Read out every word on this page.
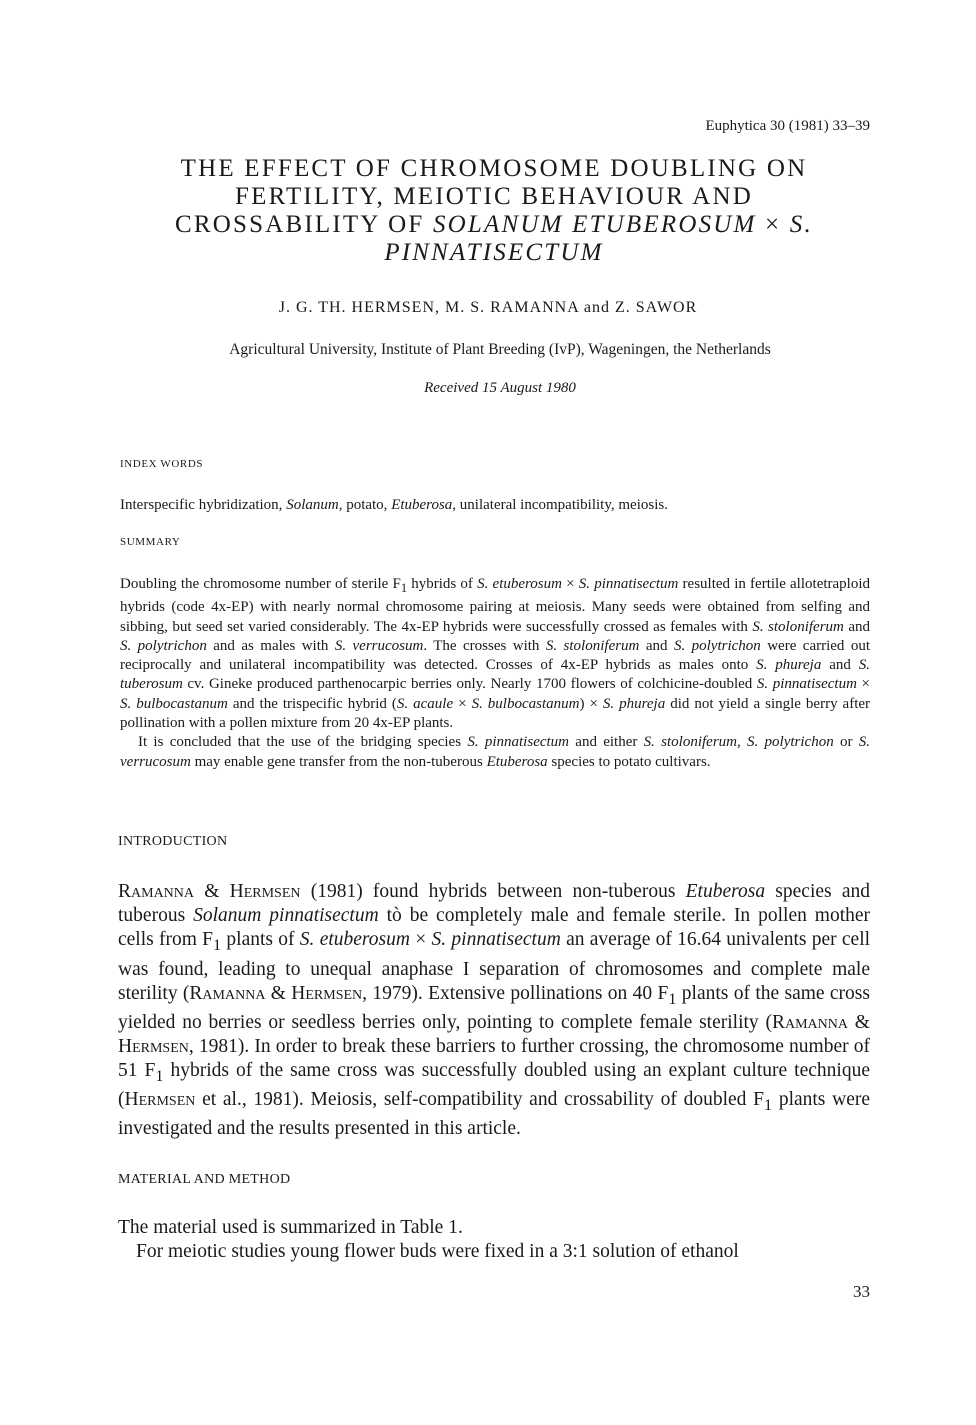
Euphytica 30 (1981) 33–39
THE EFFECT OF CHROMOSOME DOUBLING ON
FERTILITY, MEIOTIC BEHAVIOUR AND
CROSSABILITY OF SOLANUM ETUBEROSUM × S.
PINNATISECTUM
J. G. TH. HERMSEN, M. S. RAMANNA and Z. SAWOR
Agricultural University, Institute of Plant Breeding (IvP), Wageningen, the Netherlands
Received 15 August 1980
INDEX WORDS
Interspecific hybridization, Solanum, potato, Etuberosa, unilateral incompatibility, meiosis.
SUMMARY
Doubling the chromosome number of sterile $F_1$ hybrids of S. etuberosum × S. pinnatisectum resulted in fertile allotetraploid hybrids (code 4x-EP) with nearly normal chromosome pairing at meiosis. Many seeds were obtained from selfing and sibbing, but seed set varied considerably. The 4x-EP hybrids were successfully crossed as females with S. stoloniferum and S. polytrichon and as males with S. verrucosum. The crosses with S. stoloniferum and S. polytrichon were carried out reciprocally and unilateral incompatibility was detected. Crosses of 4x-EP hybrids as males onto S. phureja and S. tuberosum cv. Gineke produced parthenocarpic berries only. Nearly 1700 flowers of colchicine-doubled S. pinnatisectum × S. bulbocastanum and the trispecific hybrid (S. acaule × S. bulbocastanum) × S. phureja did not yield a single berry after pollination with a pollen mixture from 20 4x-EP plants.
It is concluded that the use of the bridging species S. pinnatisectum and either S. stoloniferum, S. polytrichon or S. verrucosum may enable gene transfer from the non-tuberous Etuberosa species to potato cultivars.
INTRODUCTION
Ramanna & Hermsen (1981) found hybrids between non-tuberous Etuberosa species and tuberous Solanum pinnatisectum tò be completely male and female sterile. In pollen mother cells from $F_1$ plants of S. etuberosum × S. pinnatisectum an average of 16.64 univalents per cell was found, leading to unequal anaphase I separation of chromosomes and complete male sterility (Ramanna & Hermsen, 1979). Extensive pollinations on 40 $F_1$ plants of the same cross yielded no berries or seedless berries only, pointing to complete female sterility (Ramanna & Hermsen, 1981). In order to break these barriers to further crossing, the chromosome number of 51 $F_1$ hybrids of the same cross was successfully doubled using an explant culture technique (Hermsen et al., 1981). Meiosis, self-compatibility and crossability of doubled $F_1$ plants were investigated and the results presented in this article.
MATERIAL AND METHOD
The material used is summarized in Table 1.
For meiotic studies young flower buds were fixed in a 3:1 solution of ethanol
33
